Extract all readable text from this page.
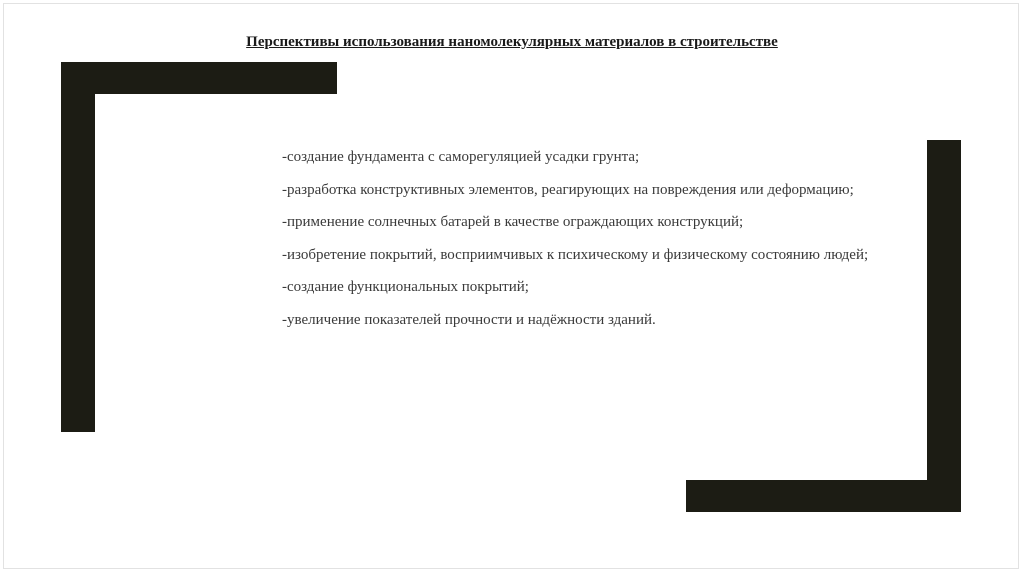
Перспективы использования наномолекулярных материалов в строительстве

-создание фундамента с саморегуляцией усадки грунта;

-разработка конструктивных элементов, реагирующих на повреждения или деформацию;

-применение солнечных батарей в качестве ограждающих конструкций;

-изобретение покрытий, восприимчивых к психическому и физическому состоянию людей;

-создание функциональных покрытий;

-увеличение показателей прочности и надёжности зданий.
